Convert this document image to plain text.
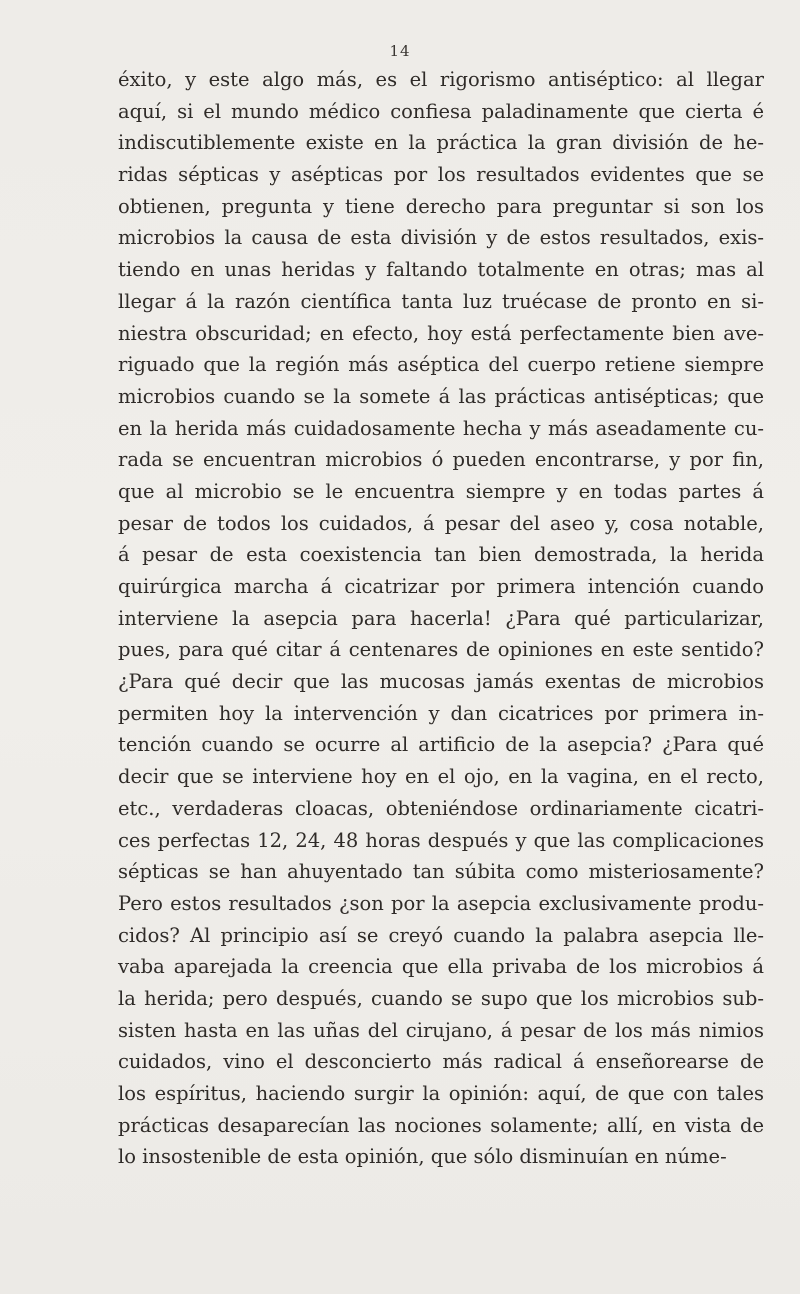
14
éxito, y este algo más, es el rigorismo antiséptico: al llegar
aquí, si el mundo médico confiesa paladinamente que cierta é
indiscutiblemente existe en la práctica la gran división de he-
ridas sépticas y asépticas por los resultados evidentes que se
obtienen, pregunta y tiene derecho para preguntar si son los
microbios la causa de esta división y de estos resultados, exis-
tiendo en unas heridas y faltando totalmente en otras; mas al
llegar á la razón científica tanta luz truécase de pronto en si-
niestra obscuridad; en efecto, hoy está perfectamente bien ave-
riguado que la región más aséptica del cuerpo retiene siempre
microbios cuando se la somete á las prácticas antisépticas; que
en la herida más cuidadosamente hecha y más aseadamente cu-
rada se encuentran microbios ó pueden encontrarse, y por fin,
que al microbio se le encuentra siempre y en todas partes á
pesar de todos los cuidados, á pesar del aseo y, cosa notable,
á pesar de esta coexistencia tan bien demostrada, la herida
quirúrgica marcha á cicatrizar por primera intención cuando
interviene la asepcia para hacerla! ¿Para qué particularizar,
pues, para qué citar á centenares de opiniones en este sentido?
¿Para qué decir que las mucosas jamás exentas de microbios
permiten hoy la intervención y dan cicatrices por primera in-
tención cuando se ocurre al artificio de la asepcia? ¿Para qué
decir que se interviene hoy en el ojo, en la vagina, en el recto,
etc., verdaderas cloacas, obteniéndose ordinariamente cicatri-
ces perfectas 12, 24, 48 horas después y que las complicaciones
sépticas se han ahuyentado tan súbita como misteriosamente?
Pero estos resultados ¿son por la asepcia exclusivamente produ-
cidos? Al principio así se creyó cuando la palabra asepcia lle-
vaba aparejada la creencia que ella privaba de los microbios á
la herida; pero después, cuando se supo que los microbios sub-
sisten hasta en las uñas del cirujano, á pesar de los más nimios
cuidados, vino el desconcierto más radical á enseñorearse de
los espíritus, haciendo surgir la opinión: aquí, de que con tales
prácticas desaparecían las nociones solamente; allí, en vista de
lo insostenible de esta opinión, que sólo disminuían en núme-
